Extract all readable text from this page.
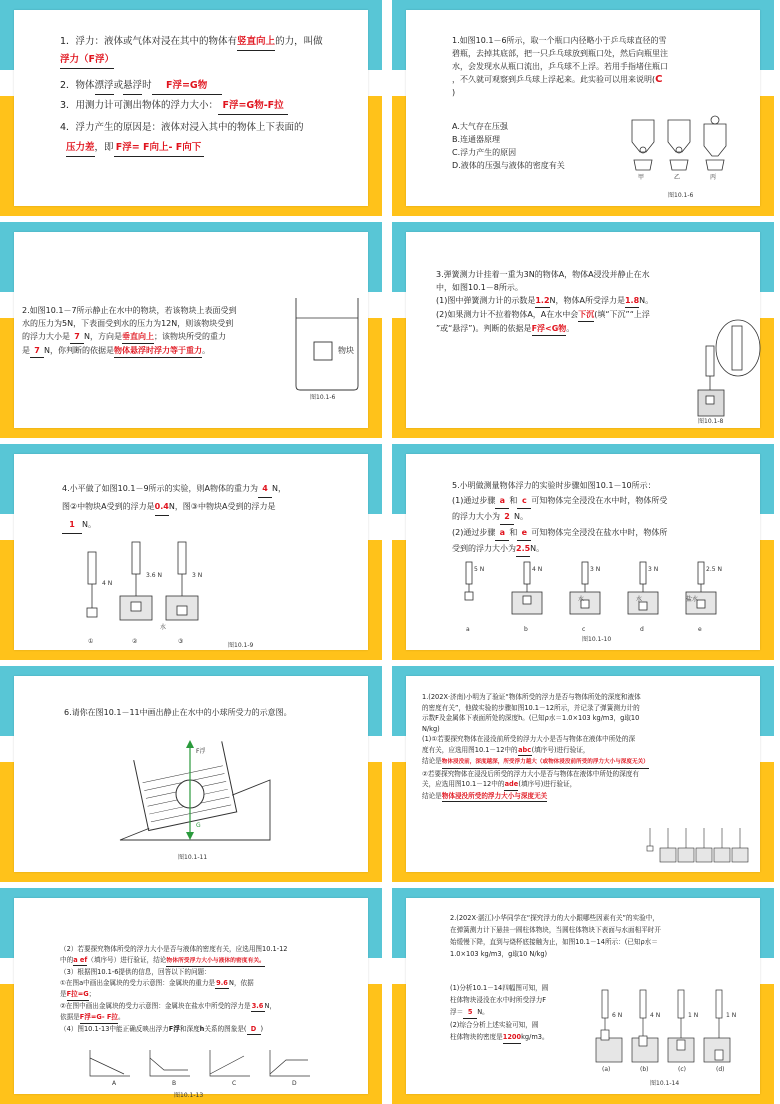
1．浮力：液体或气体对浸在其中的物体有竖直向上的力，叫做
浮力（F浮）
2．物体漂浮或悬浮时 F浮=G物
3．用测力计可测出物体的浮力大小： F浮=G物-F拉
4．浮力产生的原因是：液体对浸入其中的物体上下表面的
压力差，即 F浮= F向上- F向下
1.如图10.1－6所示，取一个瓶口内径略小于乒乓球直径的雪
碧瓶，去掉其底部，把一只乒乓球放到瓶口处，然后向瓶里注
水，会发现水从瓶口流出，乒乓球不上浮。若用手指堵住瓶口
，不久就可观察到乒乓球上浮起来。此实验可以用来说明(C
)
A.大气存在压强
B.连通器原理
C.浮力产生的原因
D.液体的压强与液体的密度有关
甲	乙	丙
图10.1-6
2.如图10.1－7所示静止在水中的物块，若该物块上表面受到
水的压力为5N，下表面受到水的压力为12N，则该物块受到
的浮力大小是 7 N，方向是垂直向上；该物块所受的重力
是 7 N，你判断的依据是物体悬浮时浮力等于重力。	物块
图10.1-6
3.弹簧测力计挂着一重为3N的物体A，物体A浸没并静止在水
中，如图10.1－8所示。
(1)图中弹簧测力计的示数是1.2N，物体A所受浮力是1.8N。
(2)如果测力计不拉着物体A，A在水中会下沉(填“下沉”“上浮
”或“悬浮”)。判断的依据是F浮<G物。
图10.1-8
4.小平做了如图10.1－9所示的实验，则A物体的重力为 4 N，
图②中物块A受到的浮力是0.4N，图③中物块A受到的浮力是
1 N。
4 N
3.6 N	3 N
水
①	②	③
图10.1-9
5.小明做测量物体浮力的实验时步骤如图10.1－10所示：
(1)通过步骤 a 和 c 可知物体完全浸没在水中时，物体所受
的浮力大小为 2 N。
(2)通过步骤 a 和 e 可知物体完全浸没在盐水中时，物体所
受到的浮力大小为2.5N。
5 N	4 N	3 N	3 N	2.5 N
水	水	盐水
a	b	c	d	e
图10.1-10
6.请你在图10.1－11中画出静止在水中的小球所受力的示意图。
F浮
G
图10.1-11
1.(202X·济南)小明为了验证“物体所受的浮力是否与物体所处的深度和液体
的密度有关”，他做实验的步骤如图10.1－12所示，并记录了弹簧测力计的
示数F及金属体下表面所处的深度h。(已知ρ水＝1.0×103 kg/m3，g取10
N/kg)
(1)①若要探究物体在浸没前所受的浮力大小是否与物体在液体中所处的深
度有关，应选用图10.1－12中的abc(填序号)进行验证，
结论是物体浸没前，深度越深，所受浮力越大（或物体浸没前所受的浮力大小与深度无关）
②若要探究物体在浸没后所受的浮力大小是否与物体在液体中所处的深度有
关，应选用图10.1－12中的ade(填序号)进行验证，
结论是物体浸没所受的浮力大小与深度无关
（2）若要探究物体所受的浮力大小是否与液体的密度有关，应选用图10.1-12
中的a ef（填序号）进行验证，结论物体所受浮力大小与液体的密度有关。
（3）根据图10.1-6提供的信息，回答以下的问题：
①在图a中画出金属块的受力示意图：金属块的重力是9.6N，依据
是F拉=G；
②在图中画出金属块的受力示意图：金属块在盐水中所受的浮力是3.6N，
依据是F浮=G- F拉。
（4）图10.1-13中能正确反映出浮力F浮和深度h关系的图象是( D )
A	B	C	D
图10.1-13
2.(202X·湛江)小华同学在“探究浮力的大小跟哪些因素有关”的实验中，
在弹簧测力计下悬挂一圆柱体物块，当圆柱体物块下表面与水面相平时开
始缓慢下降，直到与烧杯底接触为止，如图10.1－14所示：(已知ρ水＝
1.0×103 kg/m3，g取10 N/kg)
(1)分析10.1－14四幅图可知，圆
柱体物块浸没在水中时所受浮力F
浮＝ 5 N。
(2)综合分析上述实验可知，圆
柱体物块的密度是1200kg/m3。
6 N	4 N	1 N	1 N
(a)	(b)	(c)	(d)
图10.1-14
